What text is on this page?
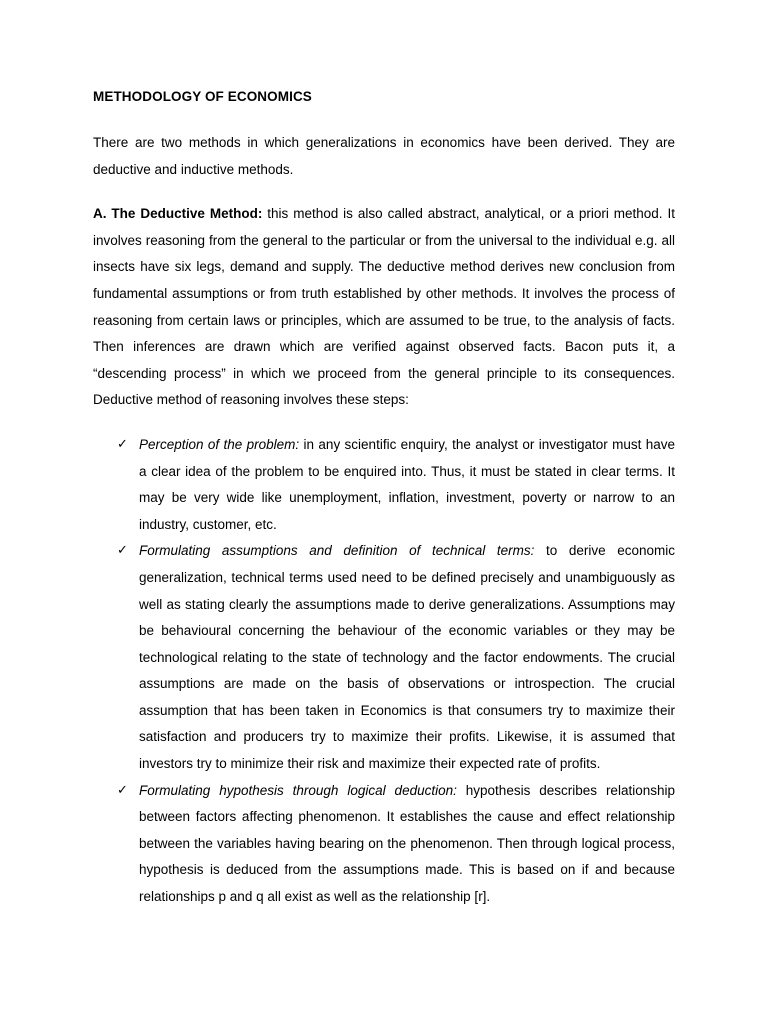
METHODOLOGY OF ECONOMICS

There are two methods in which generalizations in economics have been derived. They are deductive and inductive methods.

A. The Deductive Method: this method is also called abstract, analytical, or a priori method. It involves reasoning from the general to the particular or from the universal to the individual e.g. all insects have six legs, demand and supply. The deductive method derives new conclusion from fundamental assumptions or from truth established by other methods. It involves the process of reasoning from certain laws or principles, which are assumed to be true, to the analysis of facts. Then inferences are drawn which are verified against observed facts. Bacon puts it, a “descending process” in which we proceed from the general principle to its consequences. Deductive method of reasoning involves these steps:

✓ Perception of the problem: in any scientific enquiry, the analyst or investigator must have a clear idea of the problem to be enquired into. Thus, it must be stated in clear terms. It may be very wide like unemployment, inflation, investment, poverty or narrow to an industry, customer, etc.
✓ Formulating assumptions and definition of technical terms: to derive economic generalization, technical terms used need to be defined precisely and unambiguously as well as stating clearly the assumptions made to derive generalizations. Assumptions may be behavioural concerning the behaviour of the economic variables or they may be technological relating to the state of technology and the factor endowments. The crucial assumptions are made on the basis of observations or introspection. The crucial assumption that has been taken in Economics is that consumers try to maximize their satisfaction and producers try to maximize their profits. Likewise, it is assumed that investors try to minimize their risk and maximize their expected rate of profits.
✓ Formulating hypothesis through logical deduction: hypothesis describes relationship between factors affecting phenomenon. It establishes the cause and effect relationship between the variables having bearing on the phenomenon. Then through logical process, hypothesis is deduced from the assumptions made. This is based on if and because relationships p and q all exist as well as the relationship [r].
